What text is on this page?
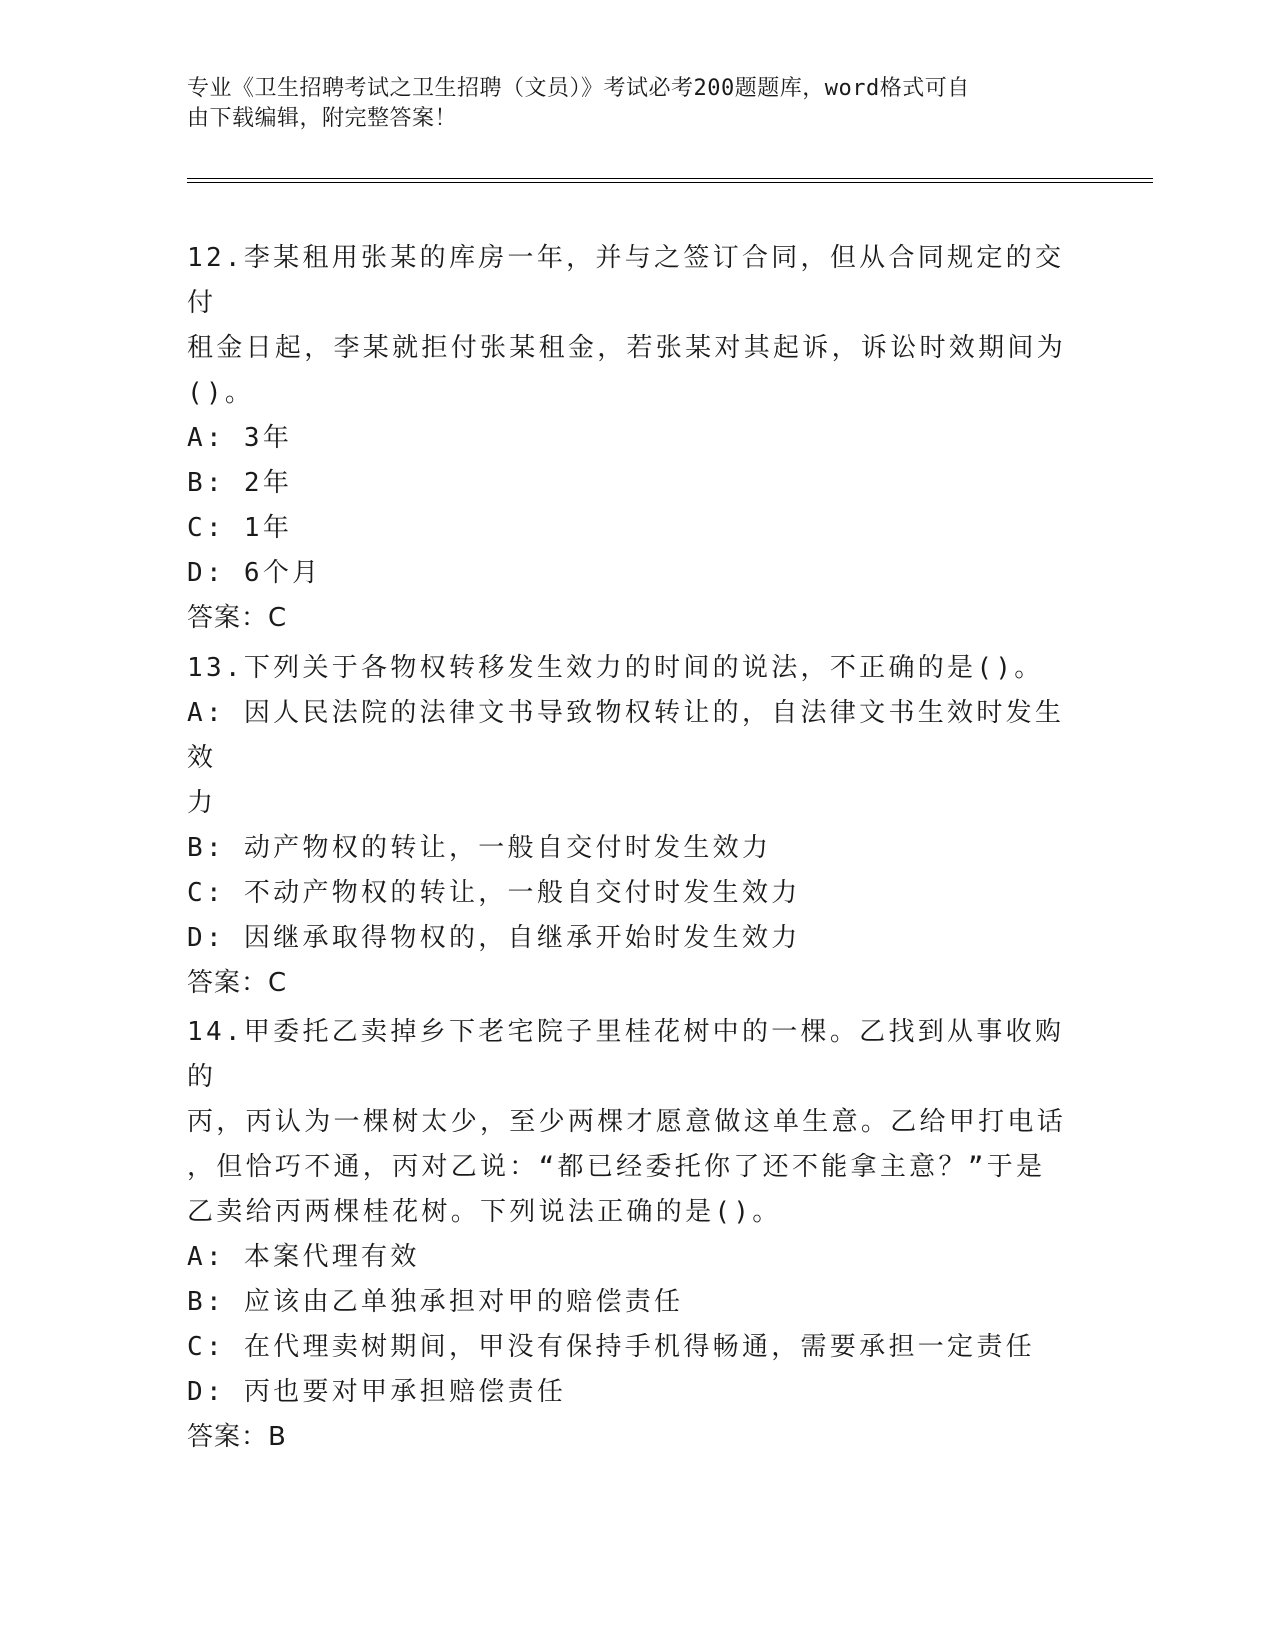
专业《卫生招聘考试之卫生招聘（文员）》考试必考200题题库，word格式可自
由下载编辑，附完整答案！
12.李某租用张某的库房一年，并与之签订合同，但从合同规定的交付
租金日起，李某就拒付张某租金，若张某对其起诉，诉讼时效期间为
()。
A: 3年
B: 2年
C: 1年
D: 6个月
答案：C
13.下列关于各物权转移发生效力的时间的说法，不正确的是()。
A: 因人民法院的法律文书导致物权转让的，自法律文书生效时发生效
力
B: 动产物权的转让，一般自交付时发生效力
C: 不动产物权的转让，一般自交付时发生效力
D: 因继承取得物权的，自继承开始时发生效力
答案：C
14.甲委托乙卖掉乡下老宅院子里桂花树中的一棵。乙找到从事收购的
丙，丙认为一棵树太少，至少两棵才愿意做这单生意。乙给甲打电话
，但恰巧不通，丙对乙说：“都已经委托你了还不能拿主意？”于是
乙卖给丙两棵桂花树。下列说法正确的是()。
A: 本案代理有效
B: 应该由乙单独承担对甲的赔偿责任
C: 在代理卖树期间，甲没有保持手机得畅通，需要承担一定责任
D: 丙也要对甲承担赔偿责任
答案：B
